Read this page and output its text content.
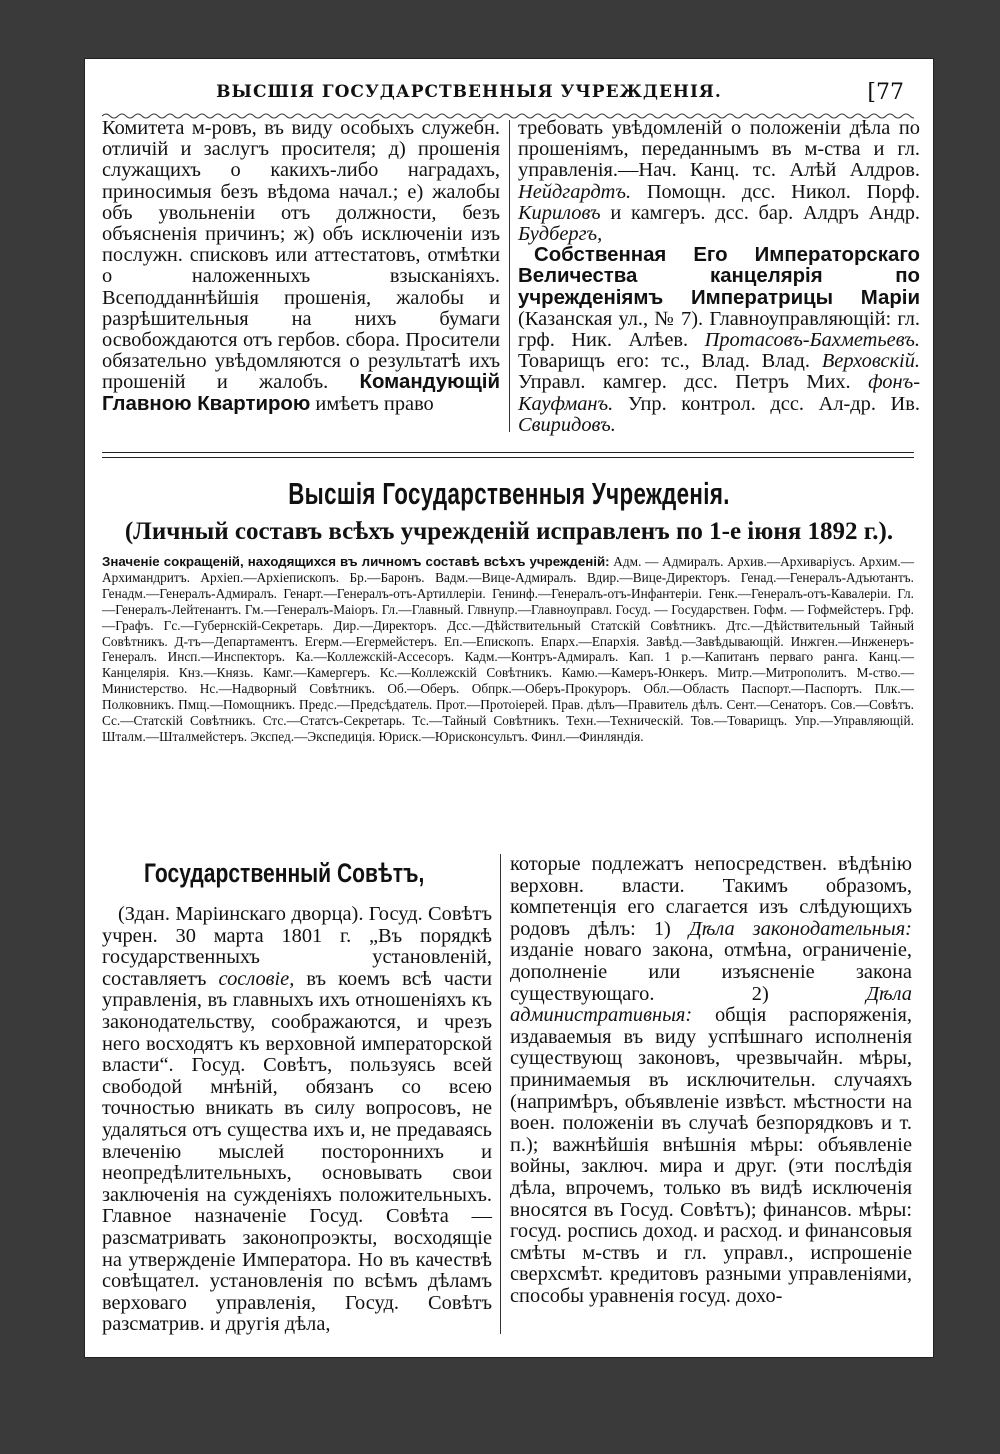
ВЫСШІЯ ГОСУДАРСТВЕННЫЯ УЧРЕЖДЕНІЯ.	[77

Комитета м-ровъ, въ виду особыхъ служебн. отличій и заслугъ просителя; д) прошенія служащихъ о какихъ-либо наградахъ, приносимыя безъ вѣдома начал.; е) жалобы объ увольненіи отъ должности, безъ объясненія причинъ; ж) объ исключеніи изъ послужн. списковъ или аттестатовъ, отмѣтки о наложенныхъ взысканіяхъ. Всеподданнѣйшія прошенія, жалобы и разрѣшительныя на нихъ бумаги освобождаются отъ гербов. сбора. Просители обязательно увѣдомляются о результатѣ ихъ прошеній и жалобъ. Командующій Главною Квартирою имѣетъ право

требовать увѣдомленій о положеніи дѣла по прошеніямъ, переданнымъ въ м-ства и гл. управленія.—Нач. Канц. тс. Алѣй Алдров. Нейдгардтъ. Помощн. дсс. Никол. Порф. Кириловъ и камгеръ. дсс. бар. Алдръ Андр. Будбергъ,

Собственная Его Императорскаго Величества канцелярія по учрежденіямъ Императрицы Маріи (Казанская ул., № 7). Главноуправляющій: гл. грф. Ник. Алѣев. Протасовъ-Бахметьевъ. Товарищъ его: тс., Влад. Влад. Верховскій. Управл. камгер. дсс. Петръ Мих. фонъ-Кауфманъ. Упр. контрол. дсс. Ал-др. Ив. Свиридовъ.

Высшія Государственныя Учрежденія.
(Личный составъ всѣхъ учрежденій исправленъ по 1-е іюня 1892 г.).
Значеніе сокращеній, находящихся въ личномъ составѣ всѣхъ учрежденій: Адм. — Адмиралъ. Архив.—Архиваріусъ. Архим.—Архимандритъ. Архіеп.—Архіепископъ. Бр.—Баронъ. Вадм.—Вице-Адмиралъ. Вдир.—Вице-Директоръ. Генад.—Генералъ-Адъютантъ. Генадм.—Генералъ-Адмиралъ. Генарт.—Генералъ-отъ-Артиллеріи. Генинф.—Генералъ-отъ-Инфантеріи. Генк.—Генералъ-отъ-Кавалеріи. Гл.—Генералъ-Лейтенантъ. Гм.—Генералъ-Маіоръ. Гл.—Главный. Глвнупр.—Главноуправл. Госуд. — Государствен. Гофм. — Гофмейстеръ. Грф.—Графъ. Гс.—Губернскій-Секретарь. Дир.—Директоръ. Дсс.—Дѣйствительный Статскій Совѣтникъ. Дтс.—Дѣйствительный Тайный Совѣтникъ. Д-тъ—Департаментъ. Егерм.—Егермейстеръ. Еп.—Епископъ. Епарх.—Епархія. Завѣд.—Завѣдывающій. Инжген.—Инженеръ-Генералъ. Инсп.—Инспекторъ. Ка.—Коллежскій-Ассесоръ. Кадм.—Контръ-Адмиралъ. Кап. 1 р.—Капитанъ перваго ранга. Канц.—Канцелярія. Кнз.—Князь. Камг.—Камергеръ. Кс.—Коллежскій Совѣтникъ. Камю.—Камеръ-Юнкеръ. Митр.—Митрополитъ. М-ство.—Министерство. Нс.—Надворный Совѣтникъ. Об.—Оберъ. Обпрк.—Оберъ-Прокуроръ. Обл.—Область Паспорт.—Паспортъ. Плк.—Полковникъ. Пмщ.—Помощникъ. Предс.—Предсѣдатель. Прот.—Протоіерей. Прав. дѣлъ—Правитель дѣлъ. Сент.—Сенаторъ. Сов.—Совѣтъ. Сс.—Статскій Совѣтникъ. Стс.—Статсъ-Секретарь. Тс.—Тайный Совѣтникъ. Техн.—Техническій. Тов.—Товарищъ. Упр.—Управляющій. Шталм.—Шталмейстеръ. Экспед.—Экспедиція. Юриск.—Юрисконсультъ. Финл.—Финляндія.
Государственный Совѣтъ,

(Здан. Маріинскаго дворца). Госуд. Совѣтъ учрен. 30 марта 1801 г. „Въ порядкѣ государственныхъ установленій, составляетъ сословіе, въ коемъ всѣ части управленія, въ главныхъ ихъ отношеніяхъ къ законодательству, соображаются, и чрезъ него восходятъ къ верховной императорской власти“. Госуд. Совѣтъ, пользуясь всей свободой мнѣній, обязанъ со всею точностью вникать въ силу вопросовъ, не удаляться отъ существа ихъ и, не предаваясь влеченію мыслей постороннихъ и неопредѣлительныхъ, основывать свои заключенія на сужденіяхъ положительныхъ. Главное назначеніе Госуд. Совѣта — разсматривать законопроэкты, восходящіе на утвержденіе Императора. Но въ качествѣ совѣщател. установленія по всѣмъ дѣламъ верховаго управленія, Госуд. Совѣтъ разсматрив. и другія дѣла,

которые подлежатъ непосредствен. вѣдѣнію верховн. власти. Такимъ образомъ, компетенція его слагается изъ слѣдующихъ родовъ дѣлъ: 1) Дѣла законодательныя: изданіе новаго закона, отмѣна, ограниченіе, дополненіе или изъясненіе закона существующаго. 2)	Дѣла административныя: общія распоряженія, издаваемыя въ виду успѣшнаго исполненія существующ законовъ, чрезвычайн. мѣры, принимаемыя въ исключительн. случаяхъ (напримѣръ, объявленіе извѣст. мѣстности на воен. положеніи въ случаѣ безпорядковъ и т. п.); важнѣйшія внѣшнія мѣры: объявленіе войны, заключ. мира и друг. (эти послѣдія дѣла, впрочемъ, только въ видѣ исключенія вносятся въ Госуд. Совѣтъ); финансов. мѣры: госуд. роспись доход. и расход. и финансовыя смѣты м-ствъ и гл. управл., испрошеніе сверхсмѣт. кредитовъ разными управленіями, способы уравненія госуд. дохо-
